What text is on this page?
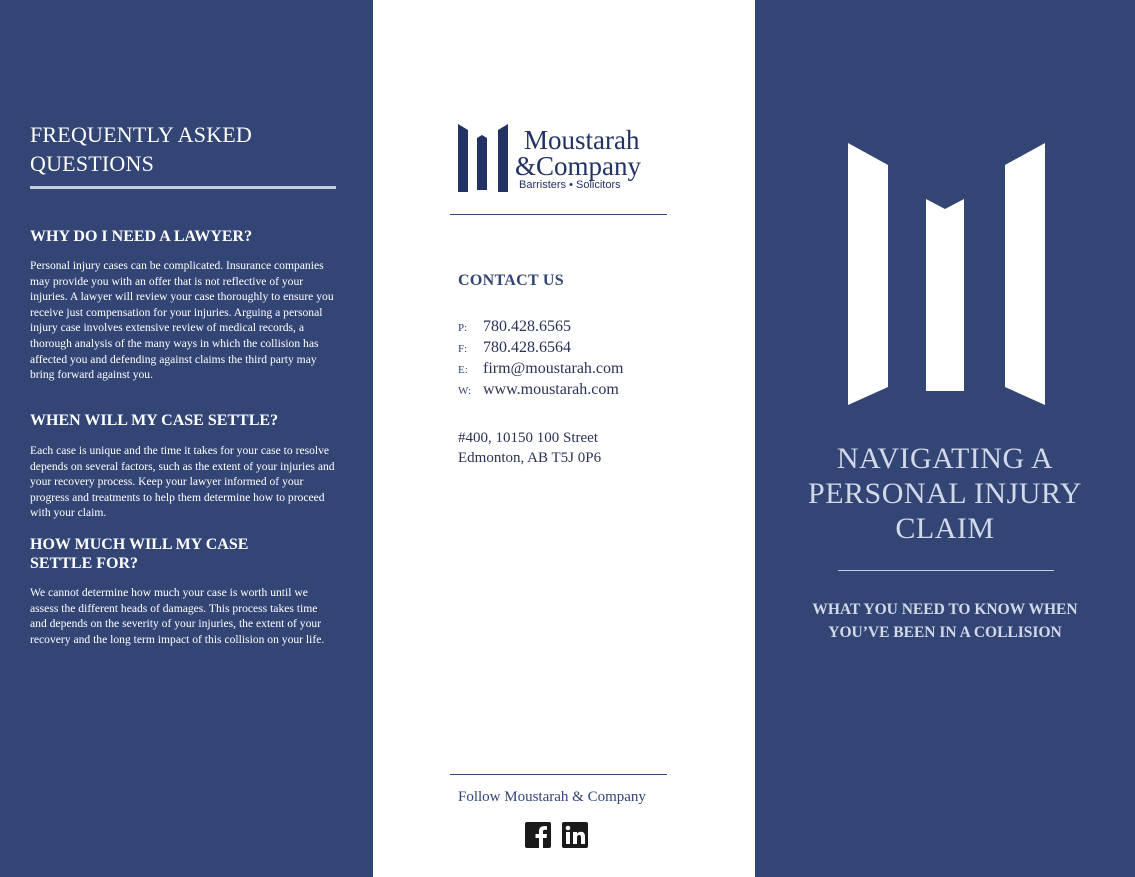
FREQUENTLY ASKED QUESTIONS
WHY DO I NEED A LAWYER?
Personal injury cases can be complicated. Insurance companies may provide you with an offer that is not reflective of your injuries. A lawyer will review your case thoroughly to ensure you receive just compensation for your injuries. Arguing a personal injury case involves extensive review of medical records, a thorough analysis of the many ways in which the collision has affected you and defending against claims the third party may bring forward against you.
WHEN WILL MY CASE SETTLE?
Each case is unique and the time it takes for your case to resolve depends on several factors, such as the extent of your injuries and your recovery process. Keep your lawyer informed of your progress and treatments to help them determine how to proceed with your claim.
HOW MUCH WILL MY CASE SETTLE FOR?
We cannot determine how much your case is worth until we assess the different heads of damages. This process takes time and depends on the severity of your injuries, the extent of your recovery and the long term impact of this collision on your life.
Moustarah
&Company
Barristers • Solicitors
CONTACT US
P: 780.428.6565
F: 780.428.6564
E: firm@moustarah.com
W: www.moustarah.com
#400, 10150 100 Street
Edmonton, AB T5J 0P6
Follow Moustarah & Company
NAVIGATING A PERSONAL INJURY CLAIM
WHAT YOU NEED TO KNOW WHEN YOU’VE BEEN IN A COLLISION
